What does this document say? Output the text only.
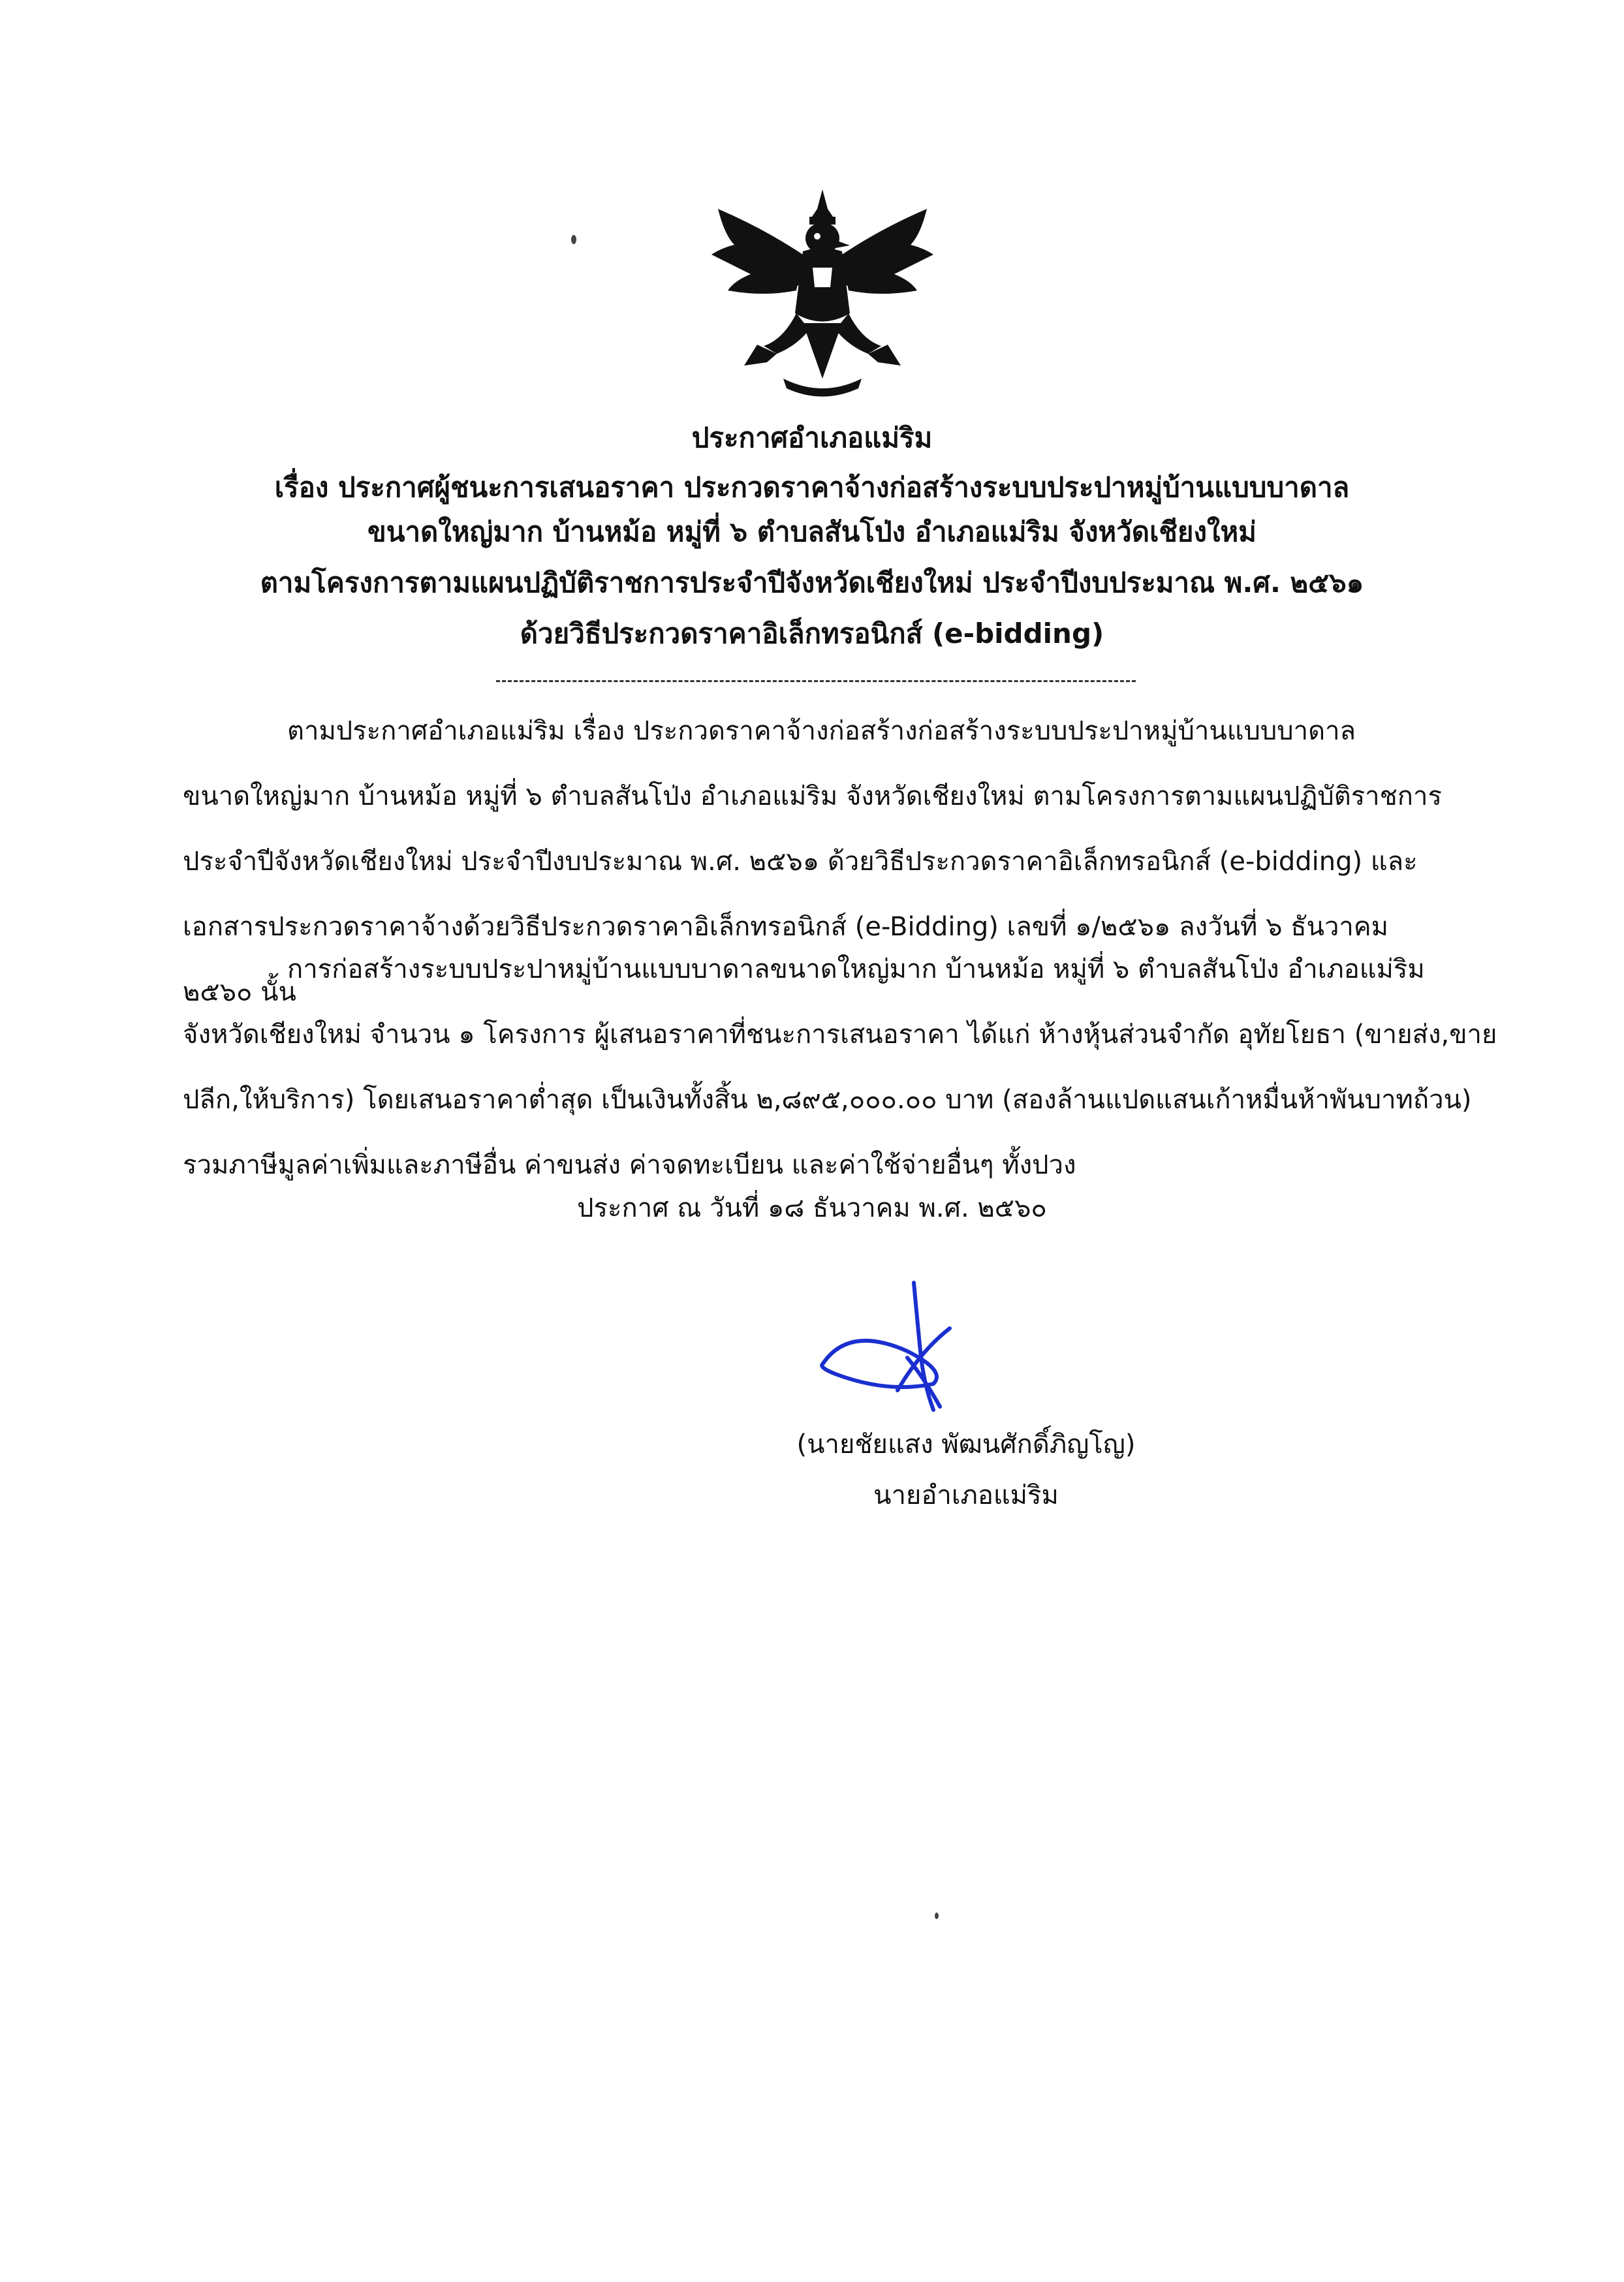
ประกาศอำเภอแม่ริม
เรื่อง ประกาศผู้ชนะการเสนอราคา ประกวดราคาจ้างก่อสร้างระบบประปาหมู่บ้านแบบบาดาล
ขนาดใหญ่มาก บ้านหม้อ หมู่ที่ ๖ ตำบลสันโป่ง อำเภอแม่ริม จังหวัดเชียงใหม่
ตามโครงการตามแผนปฏิบัติราชการประจำปีจังหวัดเชียงใหม่ ประจำปีงบประมาณ พ.ศ. ๒๕๖๑
ด้วยวิธีประกวดราคาอิเล็กทรอนิกส์ (e-bidding)
ตามประกาศอำเภอแม่ริม เรื่อง ประกวดราคาจ้างก่อสร้างก่อสร้างระบบประปาหมู่บ้านแบบบาดาล
ขนาดใหญ่มาก บ้านหม้อ หมู่ที่ ๖ ตำบลสันโป่ง อำเภอแม่ริม จังหวัดเชียงใหม่ ตามโครงการตามแผนปฏิบัติราชการ
ประจำปีจังหวัดเชียงใหม่ ประจำปีงบประมาณ พ.ศ. ๒๕๖๑ ด้วยวิธีประกวดราคาอิเล็กทรอนิกส์ (e-bidding) และ
เอกสารประกวดราคาจ้างด้วยวิธีประกวดราคาอิเล็กทรอนิกส์ (e-Bidding) เลขที่ ๑/๒๕๖๑ ลงวันที่ ๖ ธันวาคม
๒๕๖๐ นั้น
การก่อสร้างระบบประปาหมู่บ้านแบบบาดาลขนาดใหญ่มาก บ้านหม้อ หมู่ที่ ๖ ตำบลสันโป่ง อำเภอแม่ริม
จังหวัดเชียงใหม่ จำนวน ๑ โครงการ ผู้เสนอราคาที่ชนะการเสนอราคา ได้แก่ ห้างหุ้นส่วนจำกัด อุทัยโยธา (ขายส่ง,ขาย
ปลีก,ให้บริการ) โดยเสนอราคาต่ำสุด เป็นเงินทั้งสิ้น ๒,๘๙๕,๐๐๐.๐๐ บาท (สองล้านแปดแสนเก้าหมื่นห้าพันบาทถ้วน)
รวมภาษีมูลค่าเพิ่มและภาษีอื่น ค่าขนส่ง ค่าจดทะเบียน และค่าใช้จ่ายอื่นๆ ทั้งปวง
ประกาศ ณ วันที่ ๑๘ ธันวาคม พ.ศ. ๒๕๖๐
(นายชัยแสง พัฒนศักดิ์ภิญโญ)
นายอำเภอแม่ริม
